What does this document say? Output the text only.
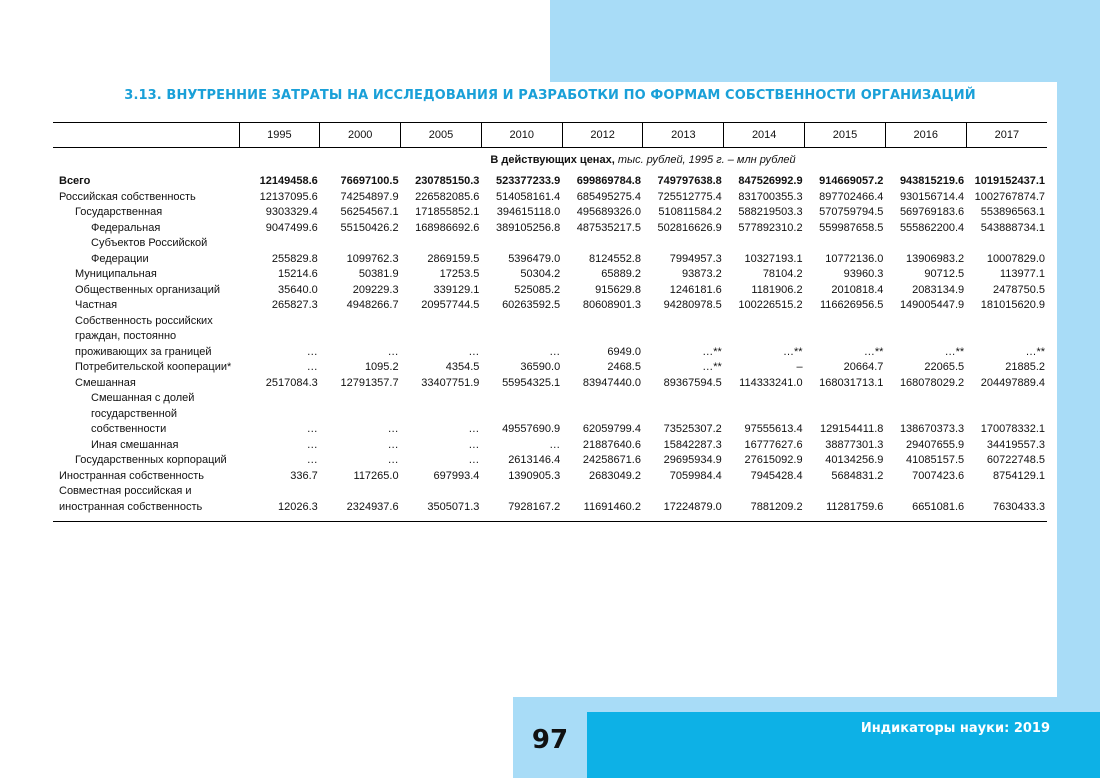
97	Индикаторы науки: 2019
3.13. ВНУТРЕННИЕ ЗАТРАТЫ НА ИССЛЕДОВАНИЯ И РАЗРАБОТКИ ПО ФОРМАМ СОБСТВЕННОСТИ ОРГАНИЗАЦИЙ
	1995	2000	2005	2010	2012	2013	2014	2015	2016	2017
	В действующих ценах, тыс. рублей, 1995 г. – млн рублей									
Всего	12149458.6	76697100.5	230785150.3	523377233.9	699869784.8	749797638.8	847526992.9	914669057.2	943815219.6	1019152437.1
Российская собственность	12137095.6	74254897.9	226582085.6	514058161.4	685495275.4	725512775.4	831700355.3	897702466.4	930156714.4	1002767874.7
Государственная	9303329.4	56254567.1	171855852.1	394615118.0	495689326.0	510811584.2	588219503.3	570759794.5	569769183.6	553896563.1
Федеральная	9047499.6	55150426.2	168986692.6	389105256.8	487535217.5	502816626.9	577892310.2	559987658.5	555862200.4	543888734.1
Субъектов Российской Федерации	255829.8	1099762.3	2869159.5	5396479.0	8124552.8	7994957.3	10327193.1	10772136.0	13906983.2	10007829.0
Муниципальная	15214.6	50381.9	17253.5	50304.2	65889.2	93873.2	78104.2	93960.3	90712.5	113977.1
Общественных организаций	35640.0	209229.3	339129.1	525085.2	915629.8	1246181.6	1181906.2	2010818.4	2083134.9	2478750.5
Частная	265827.3	4948266.7	20957744.5	60263592.5	80608901.3	94280978.5	100226515.2	116626956.5	149005447.9	181015620.9
Собственность российских граждан, постоянно проживающих за границей	…	…	…	…	6949.0	…**	…**	…**	…**	…**
Потребительской кооперации*	…	1095.2	4354.5	36590.0	2468.5	…**	–	20664.7	22065.5	21885.2
Смешанная	2517084.3	12791357.7	33407751.9	55954325.1	83947440.0	89367594.5	114333241.0	168031713.1	168078029.2	204497889.4
Смешанная с долей государственной собственности	…	…	…	49557690.9	62059799.4	73525307.2	97555613.4	129154411.8	138670373.3	170078332.1
Иная смешанная	…	…	…	…	21887640.6	15842287.3	16777627.6	38877301.3	29407655.9	34419557.3
Государственных корпораций	…	…	…	2613146.4	24258671.6	29695934.9	27615092.9	40134256.9	41085157.5	60722748.5
Иностранная собственность	336.7	117265.0	697993.4	1390905.3	2683049.2	7059984.4	7945428.4	5684831.2	7007423.6	8754129.1
Совместная российская и иностранная собственность	12026.3	2324937.6	3505071.3	7928167.2	11691460.2	17224879.0	7881209.2	11281759.6	6651081.6	7630433.3
